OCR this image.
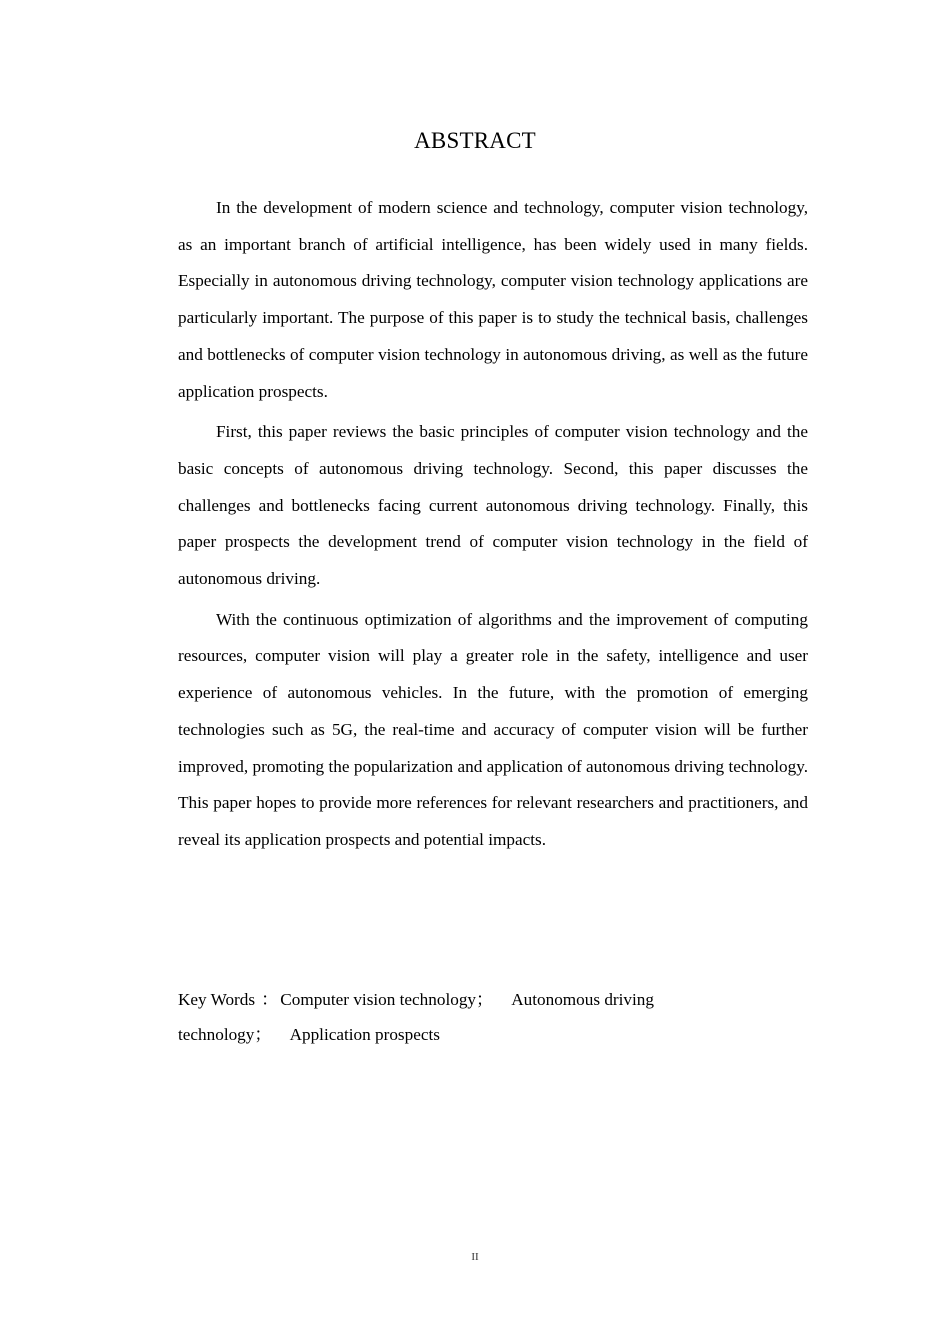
ABSTRACT

In the development of modern science and technology, computer vision technology, as an important branch of artificial intelligence, has been widely used in many fields. Especially in autonomous driving technology, computer vision technology applications are particularly important. The purpose of this paper is to study the technical basis, challenges and bottlenecks of computer vision technology in autonomous driving, as well as the future application prospects.

First, this paper reviews the basic principles of computer vision technology and the basic concepts of autonomous driving technology. Second, this paper discusses the challenges and bottlenecks facing current autonomous driving technology. Finally, this paper prospects the development trend of computer vision technology in the field of autonomous driving.

With the continuous optimization of algorithms and the improvement of computing resources, computer vision will play a greater role in the safety, intelligence and user experience of autonomous vehicles. In the future, with the promotion of emerging technologies such as 5G, the real-time and accuracy of computer vision will be further improved, promoting the popularization and application of autonomous driving technology. This paper hopes to provide more references for relevant researchers and practitioners, and reveal its application prospects and potential impacts.

Key Words ： Computer vision technology； Autonomous driving technology； Application prospects
II
